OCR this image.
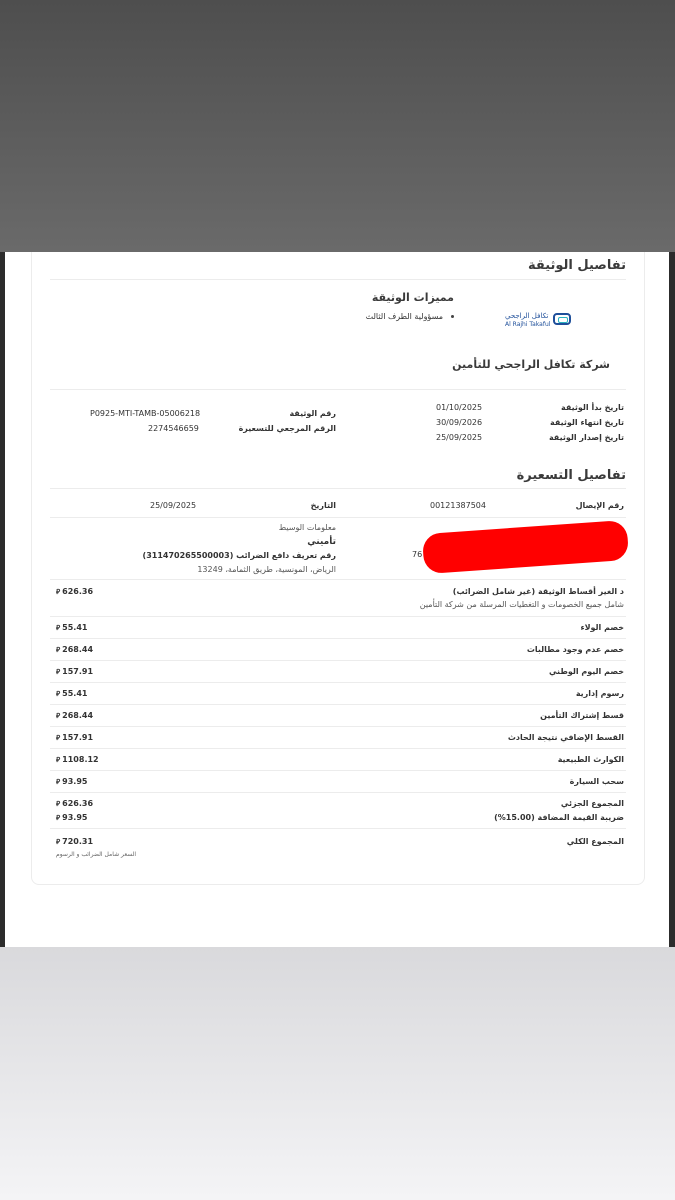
تفاصيل الوثيقة
مميزات الوثيقة
مسؤولية الطرف الثالث	تكافل الراجحي
Al Rajhi Takaful
شركة تكافل الراجحي للتأمين
تاريخ بدأ الوثيقة
01/10/2025
تاريخ انتهاء الوثيقة
30/09/2026
تاريخ إصدار الوثيقة
25/09/2025
رقم الوثيقة
P0925-MTI-TAMB-05006218
الرقم المرجعي للتسعيرة
2274546659
تفاصيل التسعيرة
رقم الإيصال
00121387504
التاريخ
25/09/2025
76
معلومات الوسيط
تأميني
رقم تعريف دافع الضرائب (311470265500003)
الرياض، المونسية، طريق الثمامة، 13249
المجموع الجزئي
⃁ 626.36
ضريبة القيمة المضافة (15.00%)
⃁ 93.95
المجموع الكلي
⃁ 720.31
السعر شامل الضرائب و الرسوم
د الغير أقساط الوثيقة (غير شامل الضرائب)
⃁ 626.36
شامل جميع الخصومات و التغطيات المرسلة من شركة التأمين
خصم الولاء
⃁ 55.41
خصم عدم وجود مطالبات
⃁ 268.44
خصم اليوم الوطني
⃁ 157.91
رسوم إدارية
⃁ 55.41
قسط إشتراك التأمين
⃁ 268.44
القسط الإضافي نتيجة الحادث
⃁ 157.91
الكوارث الطبيعية
⃁ 1108.12
سحب السيارة
⃁ 93.95
